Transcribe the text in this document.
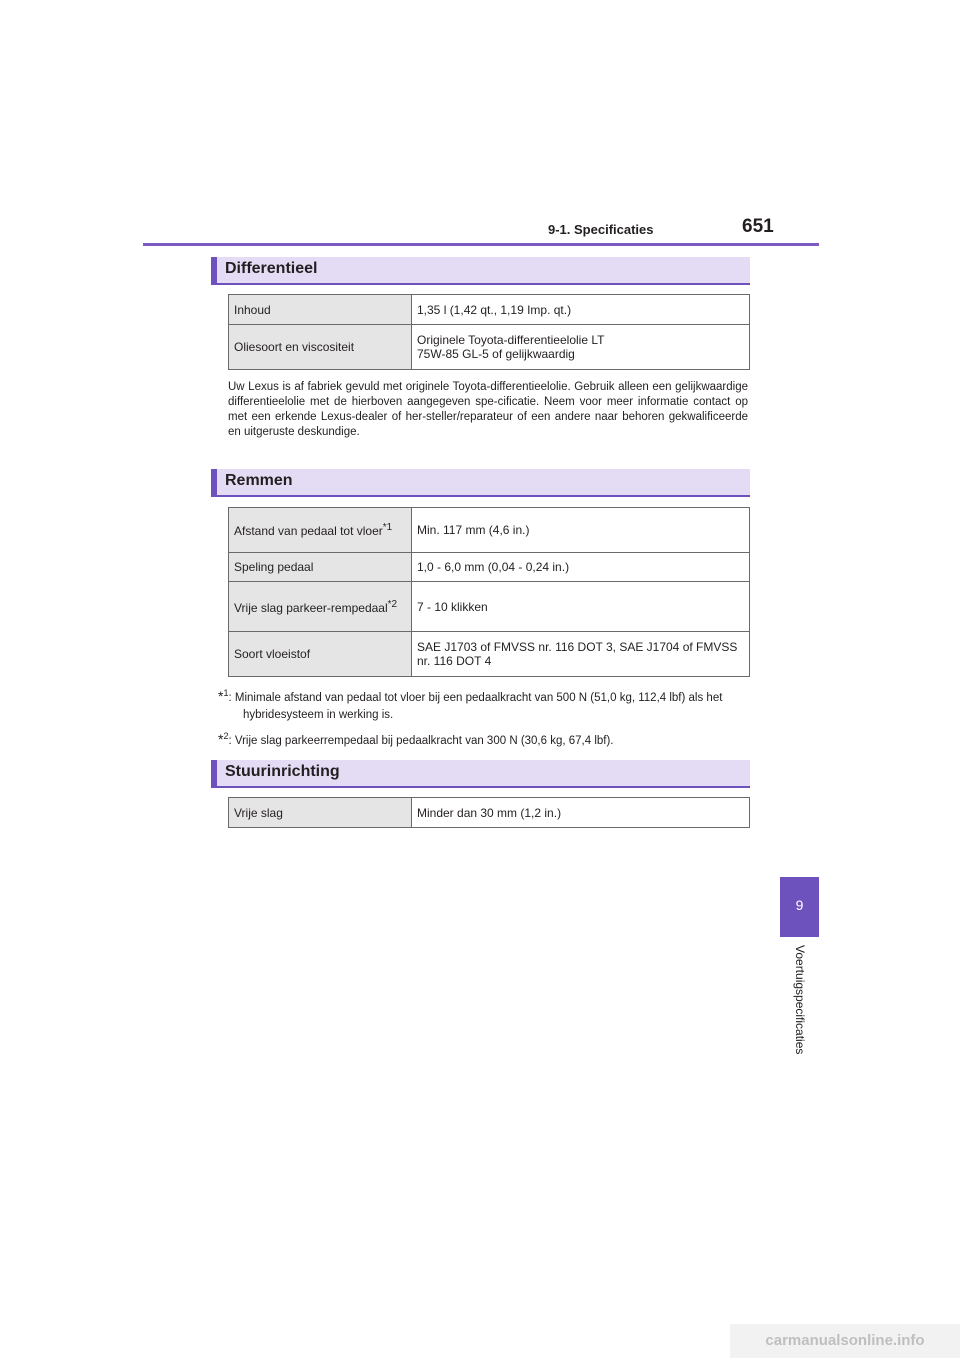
9-1. Specificaties	651
9
Voertuigspecificaties
Differentieel
Inhoud	1,35 l (1,42 qt., 1,19 Imp. qt.)
Oliesoort en viscositeit	Originele Toyota-differentieelolie LT
75W-85 GL-5 of gelijkwaardig
Uw Lexus is af fabriek gevuld met originele Toyota-differentieelolie. Gebruik alleen een gelijkwaardige differentieelolie met de hierboven aangegeven spe-cificatie. Neem voor meer informatie contact op met een erkende Lexus-dealer of her-steller/reparateur of een andere naar behoren gekwalificeerde en uitgeruste deskundige.
Remmen
Afstand van pedaal tot vloer$^{*1}$	Min. 117 mm (4,6 in.)
Speling pedaal	1,0 - 6,0 mm (0,04 - 0,24 in.)
Vrije slag parkeer-rempedaal$^{*2}$	7 - 10 klikken
Soort vloeistof	SAE J1703 of FMVSS nr. 116 DOT 3, SAE J1704 of FMVSS nr. 116 DOT 4
*$^1$: Minimale afstand van pedaal tot vloer bij een pedaalkracht van 500 N (51,0 kg, 112,4 lbf) als het hybridesysteem in werking is.
*$^2$: Vrije slag parkeerrempedaal bij pedaalkracht van 300 N (30,6 kg, 67,4 lbf).
Stuurinrichting
Vrije slag	Minder dan 30 mm (1,2 in.)
carmanualsonline.info
